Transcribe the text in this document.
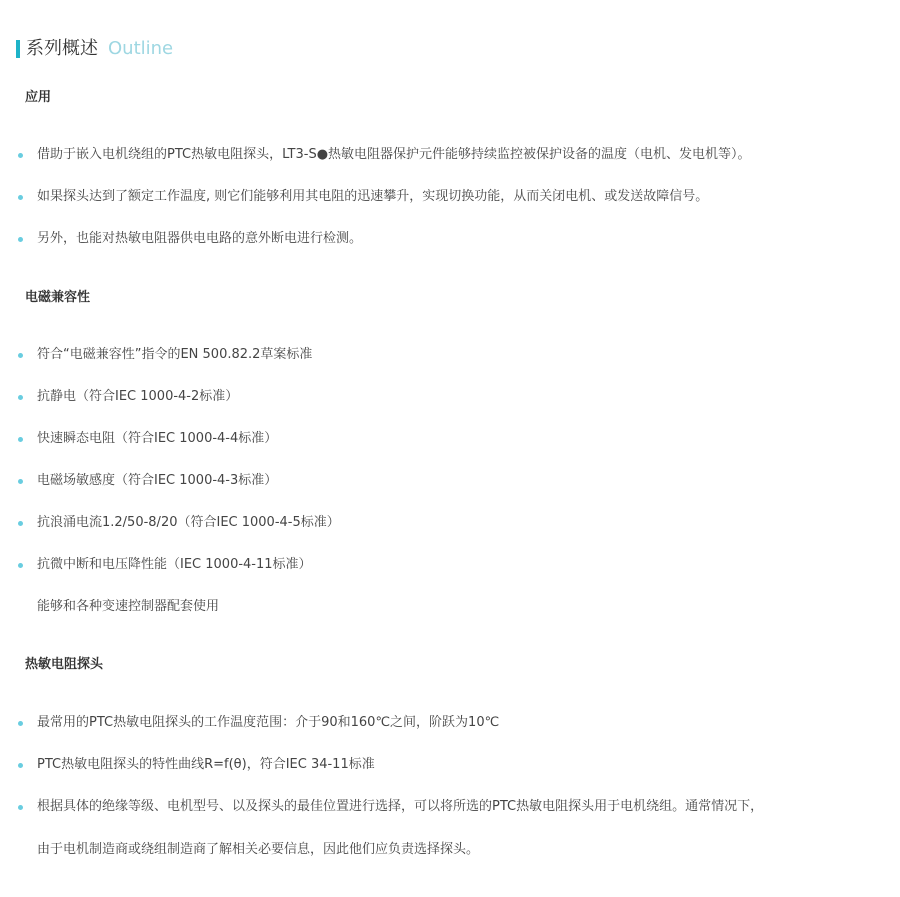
系列概述 Outline
应用
借助于嵌入电机绕组的PTC热敏电阻探头，LT3-S●热敏电阻器保护元件能够持续监控被保护设备的温度（电机、发电机等）。
如果探头达到了额定工作温度, 则它们能够利用其电阻的迅速攀升，实现切换功能，从而关闭电机、或发送故障信号。
另外，也能对热敏电阻器供电电路的意外断电进行检测。
电磁兼容性
符合“电磁兼容性”指令的EN 500.82.2草案标准
抗静电（符合IEC 1000-4-2标准）
快速瞬态电阻（符合IEC 1000-4-4标准）
电磁场敏感度（符合IEC 1000-4-3标准）
抗浪涌电流1.2/50-8/20（符合IEC 1000-4-5标准）
抗微中断和电压降性能（IEC 1000-4-11标准）
能够和各种变速控制器配套使用
热敏电阻探头
最常用的PTC热敏电阻探头的工作温度范围：介于90和160℃之间，阶跃为10℃
PTC热敏电阻探头的特性曲线R=f(θ)，符合IEC 34-11标准
根据具体的绝缘等级、电机型号、以及探头的最佳位置进行选择，可以将所选的PTC热敏电阻探头用于电机绕组。通常情况下，
由于电机制造商或绕组制造商了解相关必要信息，因此他们应负责选择探头。
